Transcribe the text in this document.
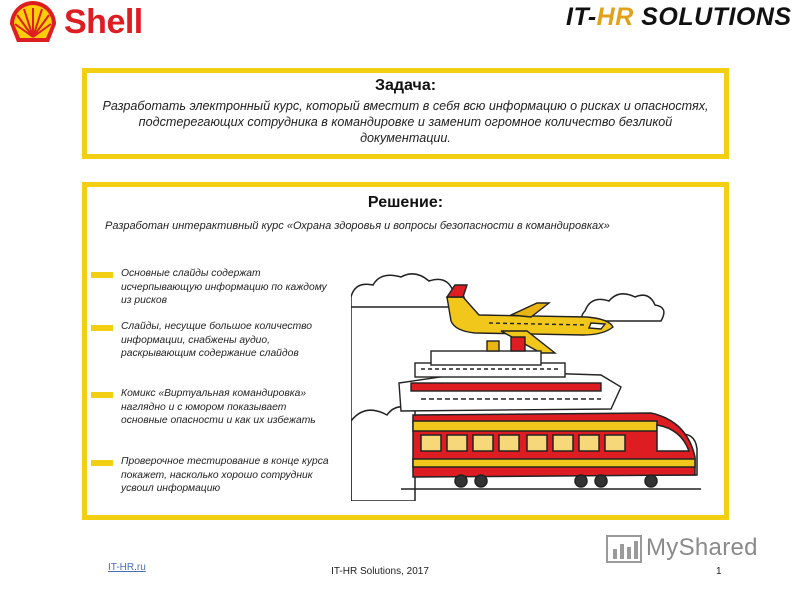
Shell	IT-HR SOLUTIONS
Задача:
Разработать электронный курс, который вместит в себя всю информацию о рисках и опасностях, подстерегающих сотрудника в командировке и заменит огромное количество безликой документации.
Решение:
Разработан интерактивный курс «Охрана здоровья и вопросы безопасности в командировках»
Основные слайды содержат исчерпывающую информацию по каждому из рисков
Слайды, несущие большое количество информации, снабжены аудио, раскрывающим содержание слайдов
Комикс «Виртуальная командировка» наглядно и с юмором показывает основные опасности и как их избежать
Проверочное тестирование в конце курса покажет, насколько хорошо сотрудник усвоил информацию
IT-HR.ru	IT-HR Solutions, 2017	1
MyShared
